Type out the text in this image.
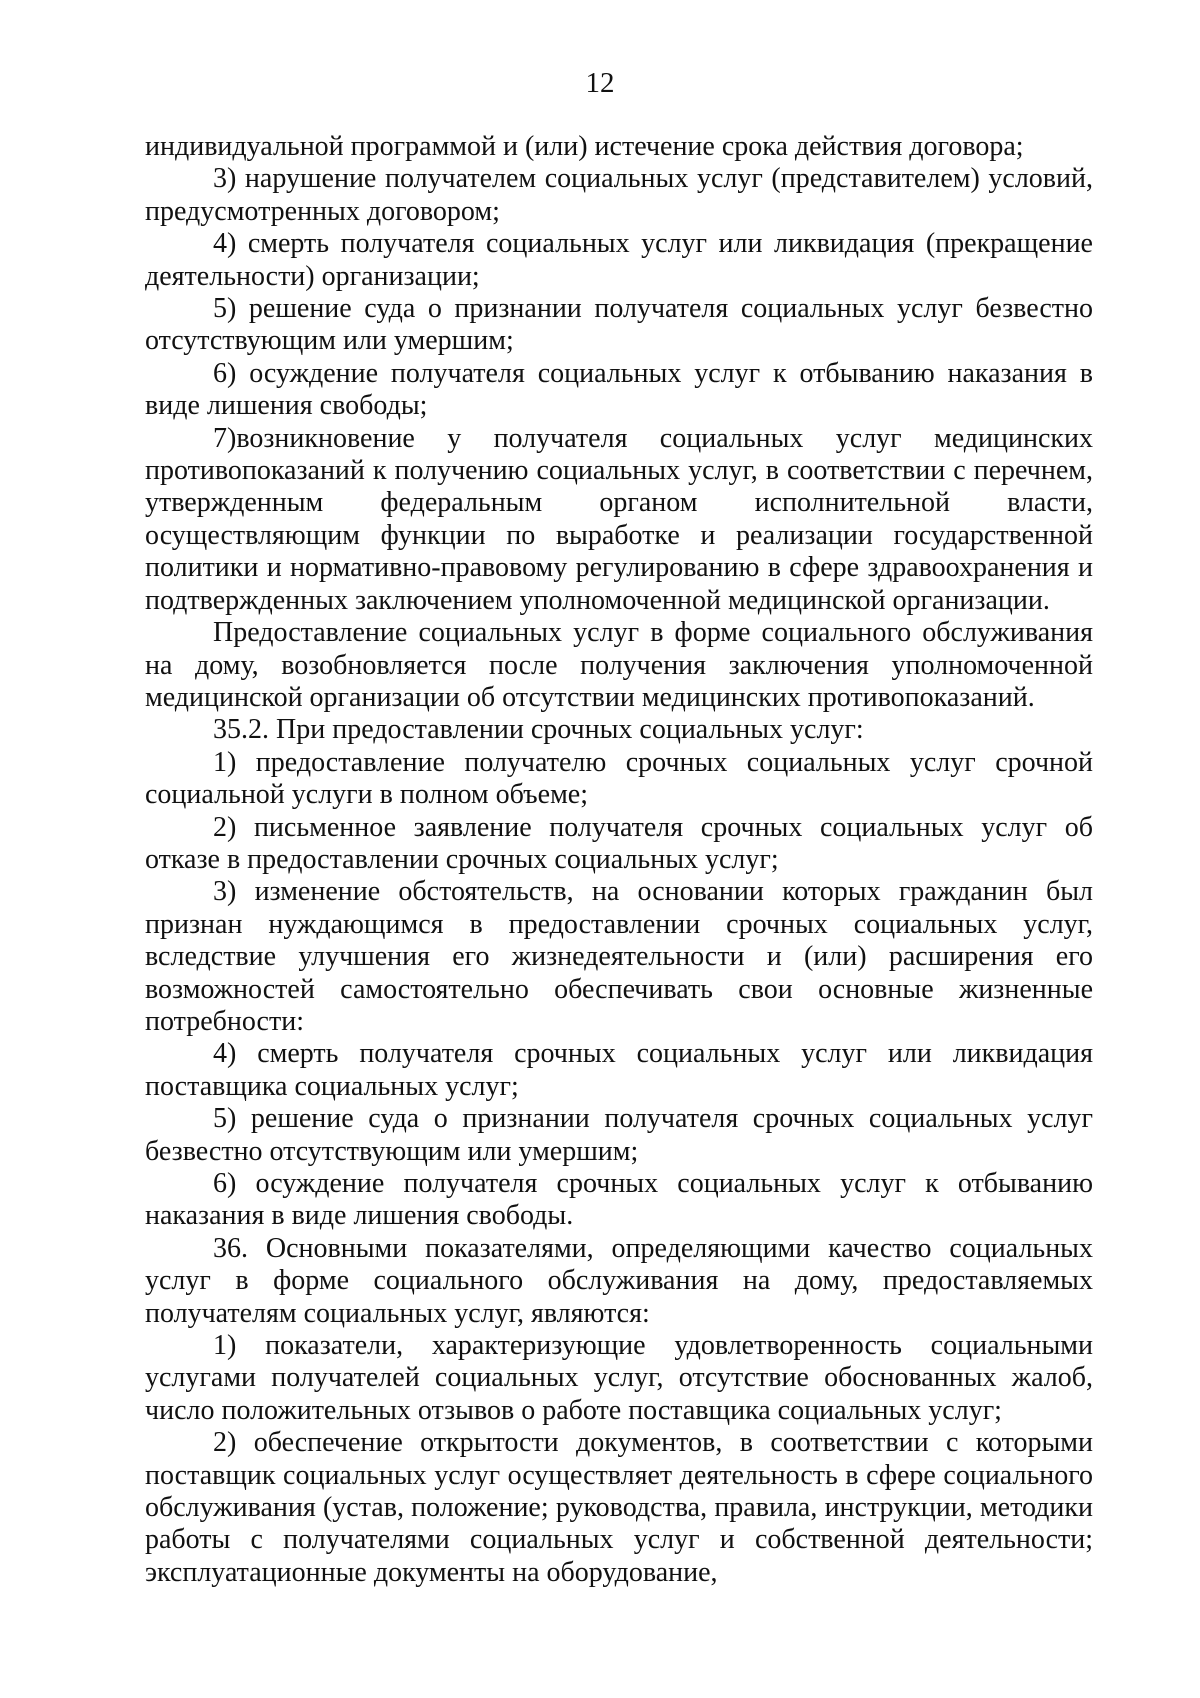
12

индивидуальной программой и (или) истечение срока действия договора;

3) нарушение получателем социальных услуг (представителем) условий, предусмотренных договором;

4) смерть получателя социальных услуг или ликвидация (прекращение деятельности) организации;

5) решение суда о признании получателя социальных услуг безвестно отсутствующим или умершим;

6) осуждение получателя социальных услуг к отбыванию наказания в виде лишения свободы;

7)возникновение у получателя социальных услуг медицинских противопоказаний к получению социальных услуг, в соответствии с перечнем, утвержденным федеральным органом исполнительной власти, осуществляющим функции по выработке и реализации государственной политики и нормативно-правовому регулированию в сфере здравоохранения и подтвержденных заключением уполномоченной медицинской организации.

Предоставление социальных услуг в форме социального обслуживания на дому, возобновляется после получения заключения уполномоченной медицинской организации об отсутствии медицинских противопоказаний.

35.2. При предоставлении срочных социальных услуг:

1) предоставление получателю срочных социальных услуг срочной социальной услуги в полном объеме;

2) письменное заявление получателя срочных социальных услуг об отказе в предоставлении срочных социальных услуг;

3) изменение обстоятельств, на основании которых гражданин был признан нуждающимся в предоставлении срочных социальных услуг, вследствие улучшения его жизнедеятельности и (или) расширения его возможностей самостоятельно обеспечивать свои основные жизненные потребности:

4) смерть получателя срочных социальных услуг или ликвидация поставщика социальных услуг;

5) решение суда о признании получателя срочных социальных услуг безвестно отсутствующим или умершим;

6) осуждение получателя срочных социальных услуг к отбыванию наказания в виде лишения свободы.

36. Основными показателями, определяющими качество социальных услуг в форме социального обслуживания на дому, предоставляемых получателям социальных услуг, являются:

1) показатели, характеризующие удовлетворенность социальными услугами получателей социальных услуг, отсутствие обоснованных жалоб, число положительных отзывов о работе поставщика социальных услуг;

2) обеспечение открытости документов, в соответствии с которыми поставщик социальных услуг осуществляет деятельность в сфере социального обслуживания (устав, положение; руководства, правила, инструкции, методики работы с получателями социальных услуг и собственной деятельности; эксплуатационные документы на оборудование,
